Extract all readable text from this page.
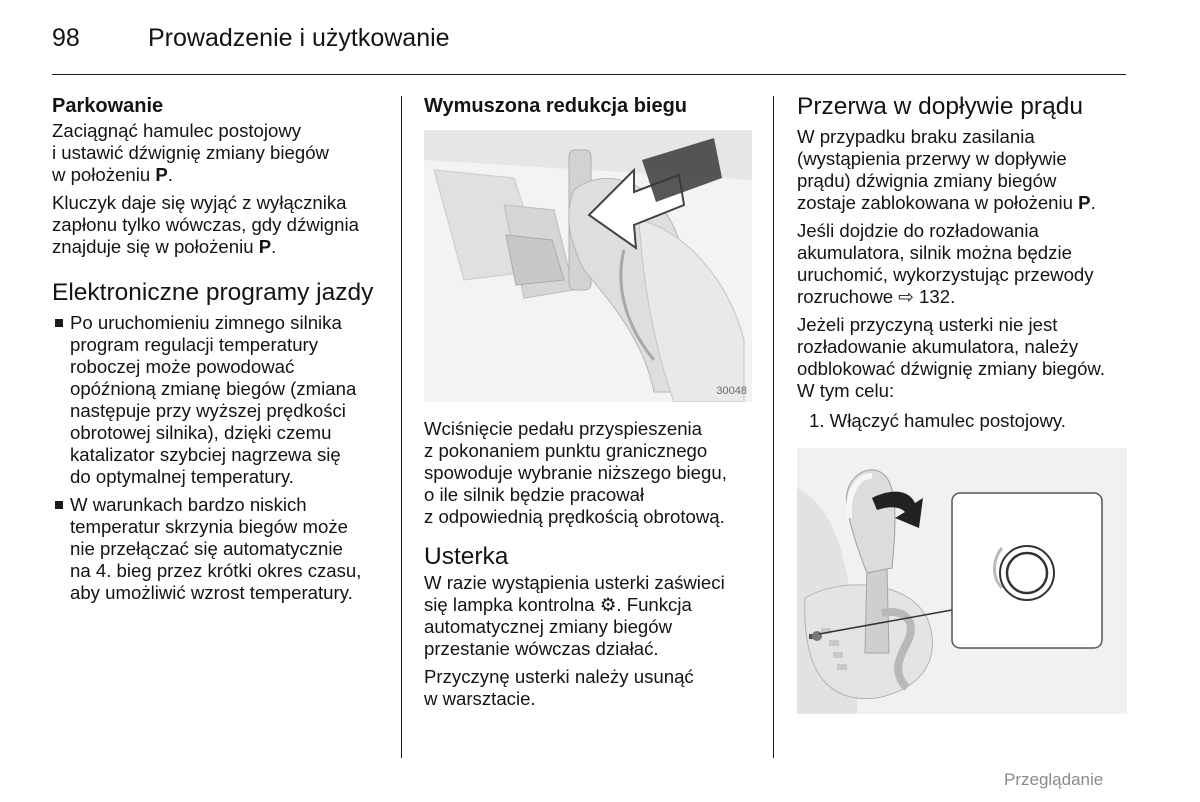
98	Prowadzenie i użytkowanie
Parkowanie

Zaciągnąć hamulec postojowy
i ustawić dźwignię zmiany biegów
w położeniu P.

Kluczyk daje się wyjąć z wyłącznika
zapłonu tylko wówczas, gdy dźwignia
znajduje się w położeniu P.

Elektroniczne programy jazdy
Po uruchomieniu zimnego silnika
program regulacji temperatury
roboczej może powodować
opóźnioną zmianę biegów (zmiana
następuje przy wyższej prędkości
obrotowej silnika), dzięki czemu
katalizator szybciej nagrzewa się
do optymalnej temperatury.
W warunkach bardzo niskich
temperatur skrzynia biegów może
nie przełączać się automatycznie
na 4. bieg przez krótki okres czasu,
aby umożliwić wzrost temperatury.
Wymuszona redukcja biegu
30048

Wciśnięcie pedału przyspieszenia
z pokonaniem punktu granicznego
spowoduje wybranie niższego biegu,
o ile silnik będzie pracował
z odpowiednią prędkością obrotową.

Usterka

W razie wystąpienia usterki zaświeci
się lampka kontrolna ⚙. Funkcja
automatycznej zmiany biegów
przestanie wówczas działać.

Przyczynę usterki należy usunąć
w warsztacie.

Przerwa w dopływie prądu

W przypadku braku zasilania
(wystąpienia przerwy w dopływie
prądu) dźwignia zmiany biegów
zostaje zablokowana w położeniu P.

Jeśli dojdzie do rozładowania
akumulatora, silnik można będzie
uruchomić, wykorzystując przewody
rozruchowe ⇨ 132.

Jeżeli przyczyną usterki nie jest
rozładowanie akumulatora, należy
odblokować dźwignię zmiany biegów.
W tym celu:

1. Włączyć hamulec postojowy.

Przeglądanie
